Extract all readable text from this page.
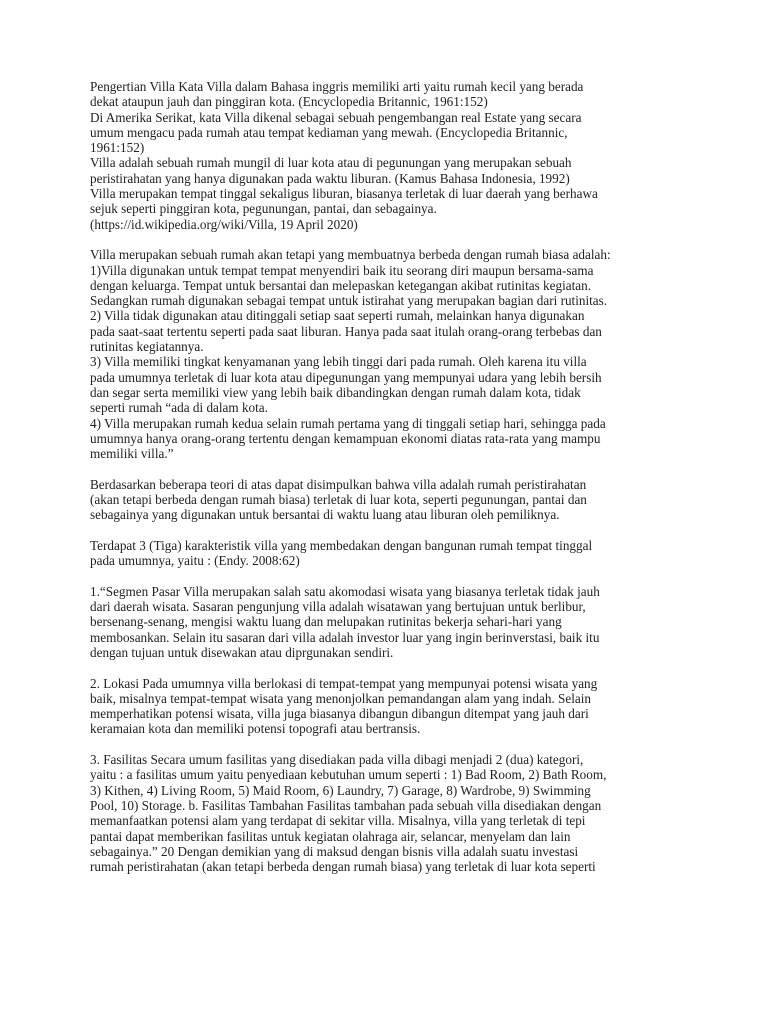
Pengertian Villa Kata Villa dalam Bahasa inggris memiliki arti yaitu rumah kecil yang berada
dekat ataupun jauh dan pinggiran kota. (Encyclopedia Britannic, 1961:152)
Di Amerika Serikat, kata Villa dikenal sebagai sebuah pengembangan real Estate yang secara
umum mengacu pada rumah atau tempat kediaman yang mewah. (Encyclopedia Britannic,
1961:152)
Villa adalah sebuah rumah mungil di luar kota atau di pegunungan yang merupakan sebuah
peristirahatan yang hanya digunakan pada waktu liburan. (Kamus Bahasa Indonesia, 1992)
Villa merupakan tempat tinggal sekaligus liburan, biasanya terletak di luar daerah yang berhawa
sejuk seperti pinggiran kota, pegunungan, pantai, dan sebagainya.
(https://id.wikipedia.org/wiki/Villa, 19 April 2020)
Villa merupakan sebuah rumah akan tetapi yang membuatnya berbeda dengan rumah biasa adalah:
1)Villa digunakan untuk tempat tempat menyendiri baik itu seorang diri maupun bersama-sama
dengan keluarga. Tempat untuk bersantai dan melepaskan ketegangan akibat rutinitas kegiatan.
Sedangkan rumah digunakan sebagai tempat untuk istirahat yang merupakan bagian dari rutinitas.
2) Villa tidak digunakan atau ditinggali setiap saat seperti rumah, melainkan hanya digunakan
pada saat-saat tertentu seperti pada saat liburan. Hanya pada saat itulah orang-orang terbebas dan
rutinitas kegiatannya.
3) Villa memiliki tingkat kenyamanan yang lebih tinggi dari pada rumah. Oleh karena itu villa
pada umumnya terletak di luar kota atau dipegunungan yang mempunyai udara yang lebih bersih
dan segar serta memiliki view yang lebih baik dibandingkan dengan rumah dalam kota, tidak
seperti rumah “ada di dalam kota.
4) Villa merupakan rumah kedua selain rumah pertama yang di tinggali setiap hari, sehingga pada
umumnya hanya orang-orang tertentu dengan kemampuan ekonomi diatas rata-rata yang mampu
memiliki villa.”
Berdasarkan beberapa teori di atas dapat disimpulkan bahwa villa adalah rumah peristirahatan
(akan tetapi berbeda dengan rumah biasa) terletak di luar kota, seperti pegunungan, pantai dan
sebagainya yang digunakan untuk bersantai di waktu luang atau liburan oleh pemiliknya.
Terdapat 3 (Tiga) karakteristik villa yang membedakan dengan bangunan rumah tempat tinggal
pada umumnya, yaitu : (Endy. 2008:62)
1.“Segmen Pasar Villa merupakan salah satu akomodasi wisata yang biasanya terletak tidak jauh
dari daerah wisata. Sasaran pengunjung villa adalah wisatawan yang bertujuan untuk berlibur,
bersenang-senang, mengisi waktu luang dan melupakan rutinitas bekerja sehari-hari yang
membosankan. Selain itu sasaran dari villa adalah investor luar yang ingin berinverstasi, baik itu
dengan tujuan untuk disewakan atau diprgunakan sendiri.
2. Lokasi Pada umumnya villa berlokasi di tempat-tempat yang mempunyai potensi wisata yang
baik, misalnya tempat-tempat wisata yang menonjolkan pemandangan alam yang indah. Selain
memperhatikan potensi wisata, villa juga biasanya dibangun dibangun ditempat yang jauh dari
keramaian kota dan memiliki potensi topografi atau bertransis.
3. Fasilitas Secara umum fasilitas yang disediakan pada villa dibagi menjadi 2 (dua) kategori,
yaitu : a fasilitas umum yaitu penyediaan kebutuhan umum seperti : 1) Bad Room, 2) Bath Room,
3) Kithen, 4) Living Room, 5) Maid Room, 6) Laundry, 7) Garage, 8) Wardrobe, 9) Swimming
Pool, 10) Storage. b. Fasilitas Tambahan Fasilitas tambahan pada sebuah villa disediakan dengan
memanfaatkan potensi alam yang terdapat di sekitar villa. Misalnya, villa yang terletak di tepi
pantai dapat memberikan fasilitas untuk kegiatan olahraga air, selancar, menyelam dan lain
sebagainya.” 20 Dengan demikian yang di maksud dengan bisnis villa adalah suatu investasi
rumah peristirahatan (akan tetapi berbeda dengan rumah biasa) yang terletak di luar kota seperti
